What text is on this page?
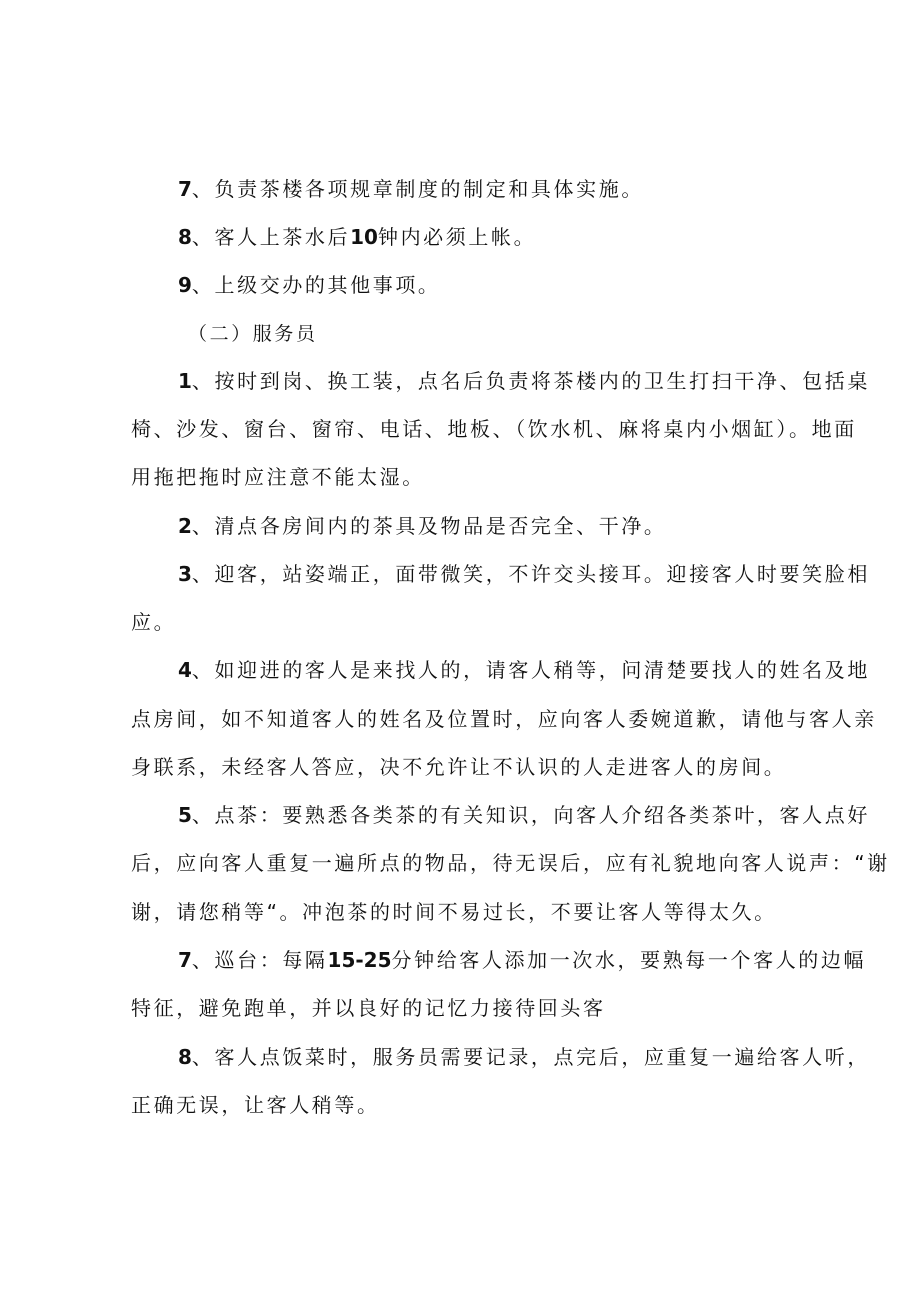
7、负责茶楼各项规章制度的制定和具体实施。

8、客人上茶水后10钟内必须上帐。

9、上级交办的其他事项。

（二）服务员

1、按时到岗、换工装，点名后负责将茶楼内的卫生打扫干净、包括桌

椅、沙发、窗台、窗帘、电话、地板、（饮水机、麻将桌内小烟缸）。地面

用拖把拖时应注意不能太湿。

2、清点各房间内的茶具及物品是否完全、干净。

3、迎客，站姿端正，面带微笑，不许交头接耳。迎接客人时要笑脸相

应。

4、如迎进的客人是来找人的，请客人稍等，问清楚要找人的姓名及地

点房间，如不知道客人的姓名及位置时，应向客人委婉道歉，请他与客人亲

身联系，未经客人答应，决不允许让不认识的人走进客人的房间。

5、点茶：要熟悉各类茶的有关知识，向客人介绍各类茶叶，客人点好

后，应向客人重复一遍所点的物品，待无误后，应有礼貌地向客人说声：“谢

谢，请您稍等“。冲泡茶的时间不易过长，不要让客人等得太久。

7、巡台：每隔15-25分钟给客人添加一次水，要熟每一个客人的边幅

特征，避免跑单，并以良好的记忆力接待回头客

8、客人点饭菜时，服务员需要记录，点完后，应重复一遍给客人听，

正确无误，让客人稍等。
